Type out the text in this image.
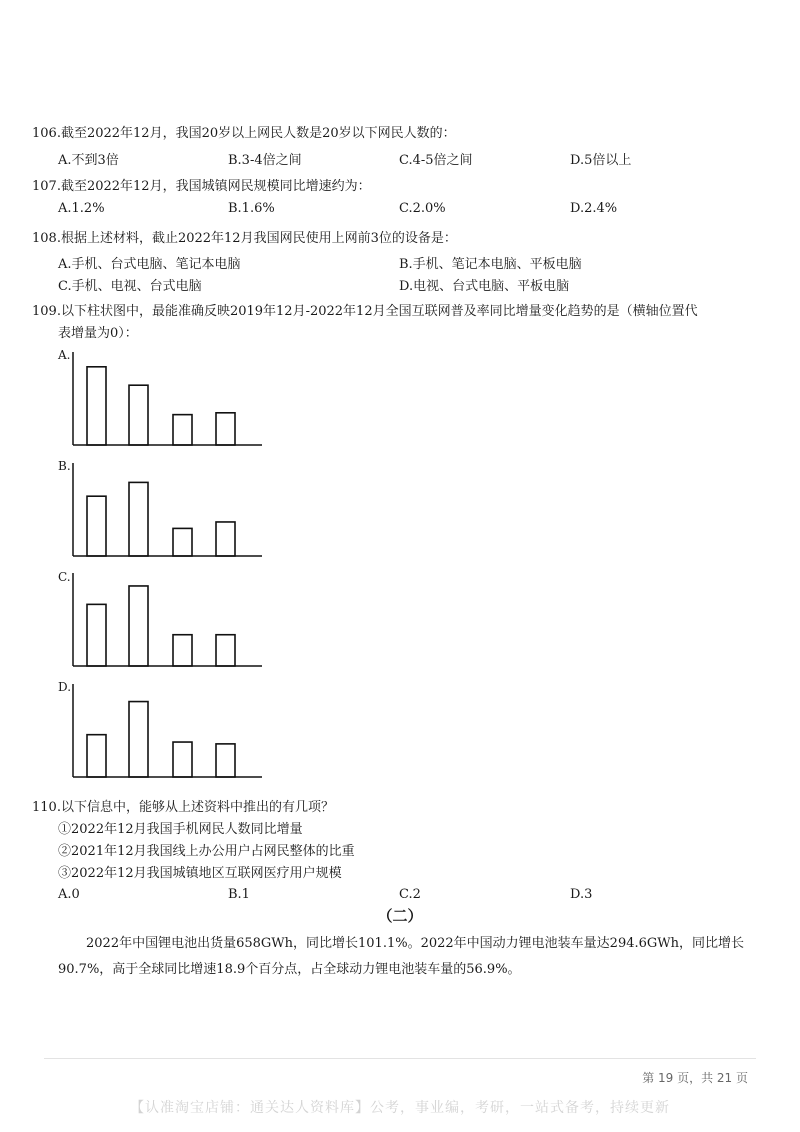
106.截至2022年12月，我国20岁以上网民人数是20岁以下网民人数的：
A.不到3倍	B.3-4倍之间	C.4-5倍之间	D.5倍以上
107.截至2022年12月，我国城镇网民规模同比增速约为：
A.1.2%	B.1.6%	C.2.0%	D.2.4%
108.根据上述材料，截止2022年12月我国网民使用上网前3位的设备是：
A.手机、台式电脑、笔记本电脑	B.手机、笔记本电脑、平板电脑
C.手机、电视、台式电脑	D.电视、台式电脑、平板电脑
109.以下柱状图中，最能准确反映2019年12月-2022年12月全国互联网普及率同比增量变化趋势的是（横轴位置代
表增量为0）：
A.
B.
C.
D.
110.以下信息中，能够从上述资料中推出的有几项？
①2022年12月我国手机网民人数同比增量
②2021年12月我国线上办公用户占网民整体的比重
③2022年12月我国城镇地区互联网医疗用户规模
A.0	B.1	C.2	D.3
（二）
2022年中国锂电池出货量658GWh，同比增长101.1%。2022年中国动力锂电池装车量达294.6GWh，同比增长90.7%，高于全球同比增速18.9个百分点，占全球动力锂电池装车量的56.9%。
第 19 页，共 21 页
【认准淘宝店铺：通关达人资料库】公考，事业编，考研，一站式备考，持续更新
